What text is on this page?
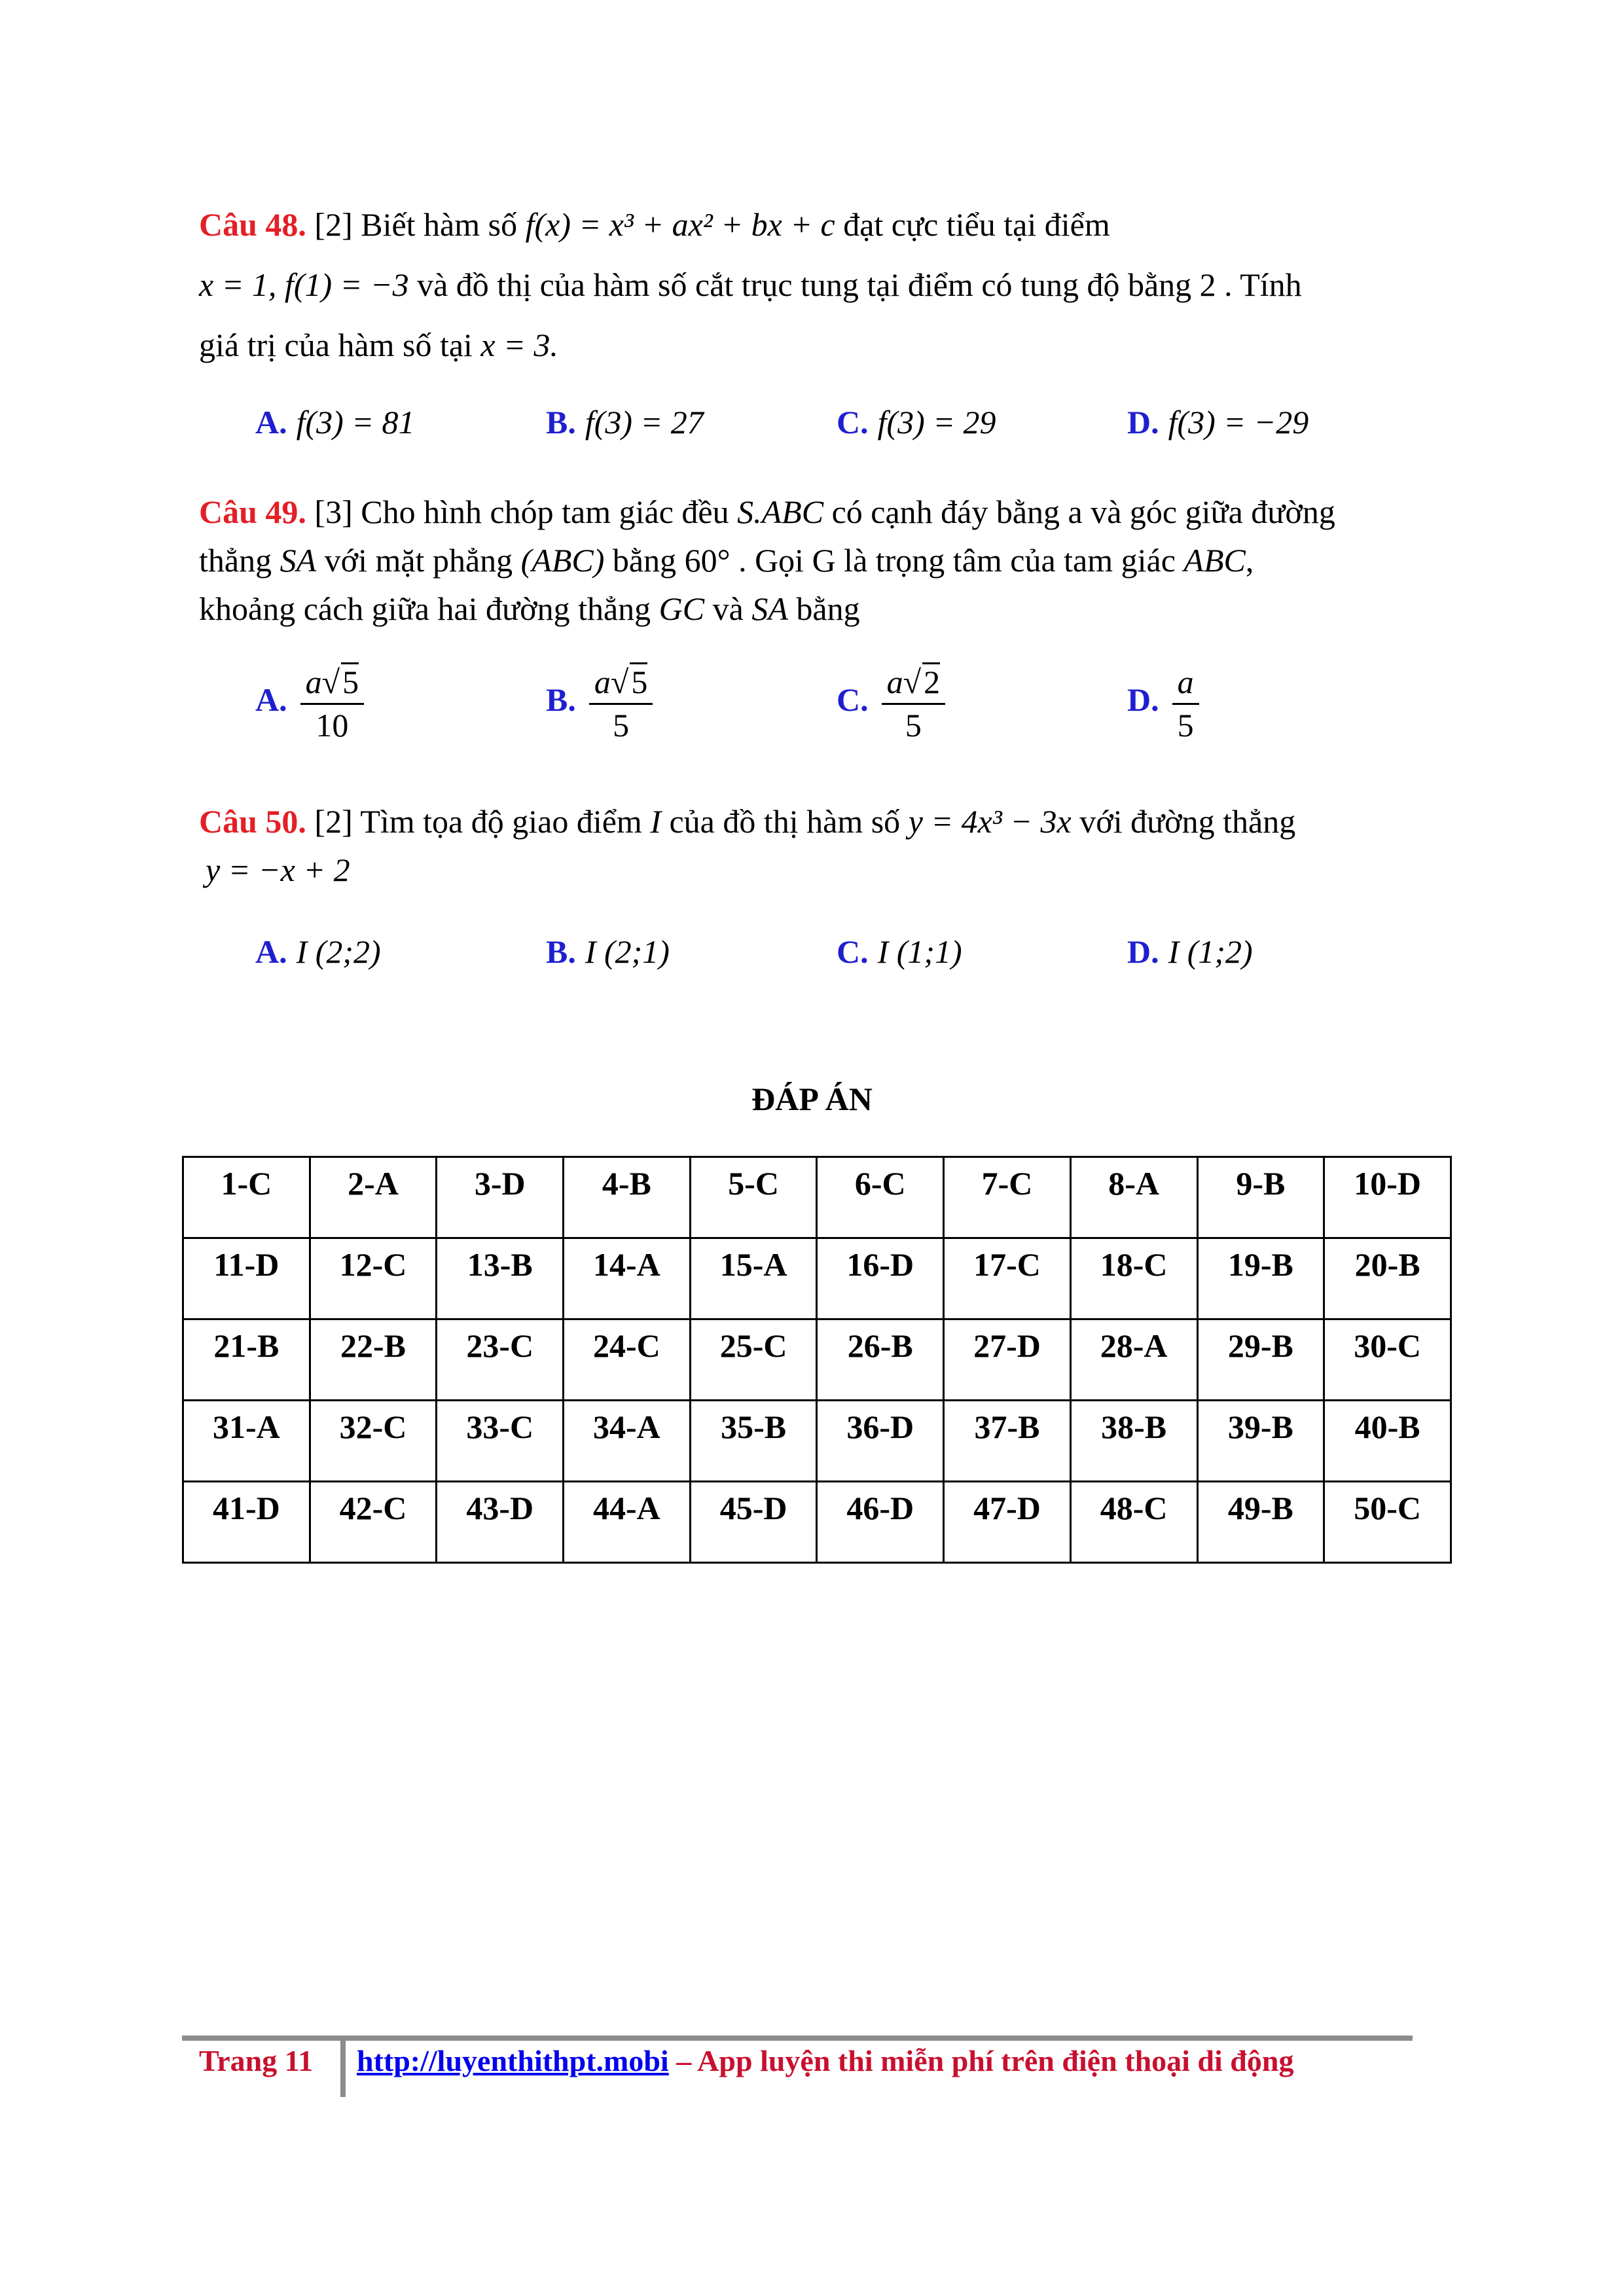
Câu 48. [2] Biết hàm số f(x) = x³ + ax² + bx + c đạt cực tiểu tại điểm
x = 1, f(1) = −3 và đồ thị của hàm số cắt trục tung tại điểm có tung độ bằng 2 . Tính
giá trị của hàm số tại x = 3.
A. f(3) = 81	B. f(3) = 27	C. f(3) = 29	D. f(3) = −29
Câu 49. [3] Cho hình chóp tam giác đều S.ABC có cạnh đáy bằng a và góc giữa đường
thẳng SA với mặt phẳng (ABC) bằng 60° . Gọi G là trọng tâm của tam giác ABC,
khoảng cách giữa hai đường thẳng GC và SA bằng
A. $\frac{a√5}{10}$	B. $\frac{a√5}{5}$	C. $\frac{a√2}{5}$	D. $\frac{a}{5}$
Câu 50. [2] Tìm tọa độ giao điểm I của đồ thị hàm số y = 4x³ − 3x với đường thẳng
y = −x + 2
A. I (2;2)	B. I (2;1)	C. I (1;1)	D. I (1;2)
ĐÁP ÁN
1-C	2-A	3-D	4-B	5-C	6-C	7-C	8-A	9-B	10-D
11-D	12-C	13-B	14-A	15-A	16-D	17-C	18-C	19-B	20-B
21-B	22-B	23-C	24-C	25-C	26-B	27-D	28-A	29-B	30-C
31-A	32-C	33-C	34-A	35-B	36-D	37-B	38-B	39-B	40-B
41-D	42-C	43-D	44-A	45-D	46-D	47-D	48-C	49-B	50-C
Trang 11 http://luyenthithpt.mobi – App luyện thi miễn phí trên điện thoại di động
